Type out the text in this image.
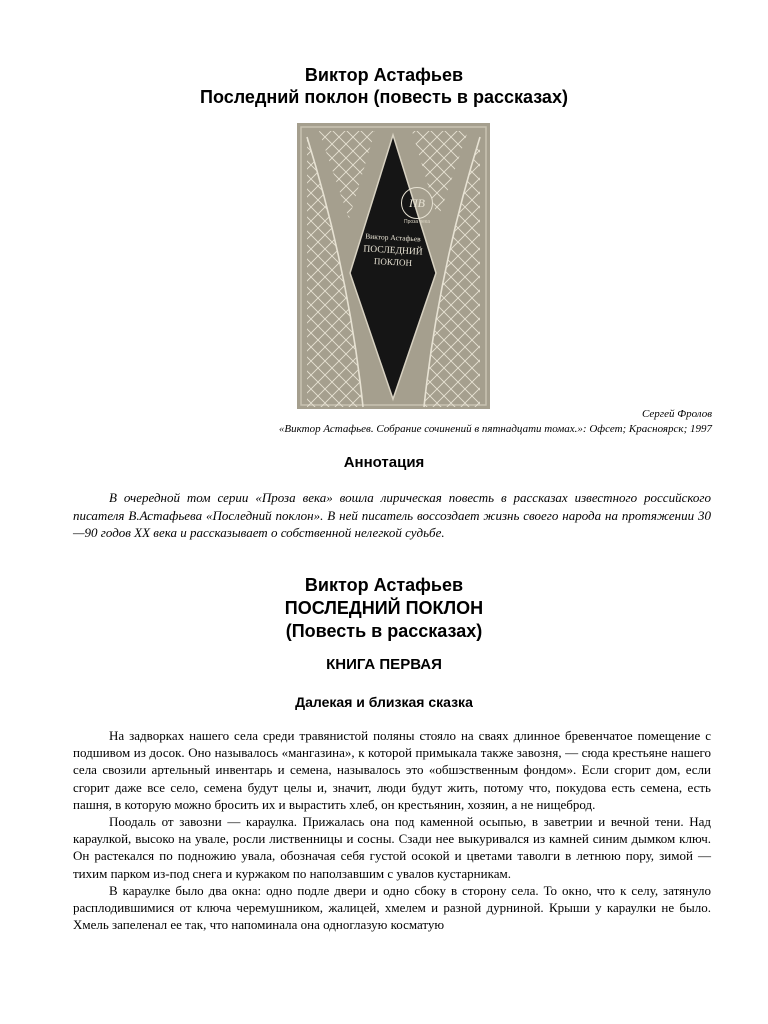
Виктор Астафьев
Последний поклон (повесть в рассказах)
ПВ
Проза века
Виктор Астафьев
ПОСЛЕДНИЙ
ПОКЛОН
Сергей Фролов
«Виктор Астафьев. Собрание сочинений в пятнадцати томах.»: Офсет; Красноярск; 1997
Аннотация

В очередной том серии «Проза века» вошла лирическая повесть в рассказах известного российского писателя В.Астафьева «Последний поклон». В ней писатель воссоздает жизнь своего народа на протяжении 30—90 годов XX века и рассказывает о собственной нелегкой судьбе.

Виктор Астафьев
ПОСЛЕДНИЙ ПОКЛОН
(Повесть в рассказах)
КНИГА ПЕРВАЯ
Далекая и близкая сказка

На задворках нашего села среди травянистой поляны стояло на сваях длинное бревенчатое помещение с подшивом из досок. Оно называлось «мангазина», к которой примыкала также завозня, — сюда крестьяне нашего села свозили артельный инвентарь и семена, называлось это «обшэственным фондом». Если сгорит дом, если сгорит даже все село, семена будут целы и, значит, люди будут жить, потому что, покудова есть семена, есть пашня, в которую можно бросить их и вырастить хлеб, он крестьянин, хозяин, а не нищеброд.

Поодаль от завозни — караулка. Прижалась она под каменной осыпью, в заветрии и вечной тени. Над караулкой, высоко на увале, росли лиственницы и сосны. Сзади нее выкуривался из камней синим дымком ключ. Он растекался по подножию увала, обозначая себя густой осокой и цветами таволги в летнюю пору, зимой — тихим парком из-под снега и куржаком по наползавшим с увалов кустарникам.

В караулке было два окна: одно подле двери и одно сбоку в сторону села. То окно, что к селу, затянуло расплодившимися от ключа черемушником, жалицей, хмелем и разной дурниной. Крыши у караулки не было. Хмель запеленал ее так, что напоминала она одноглазую косматую
